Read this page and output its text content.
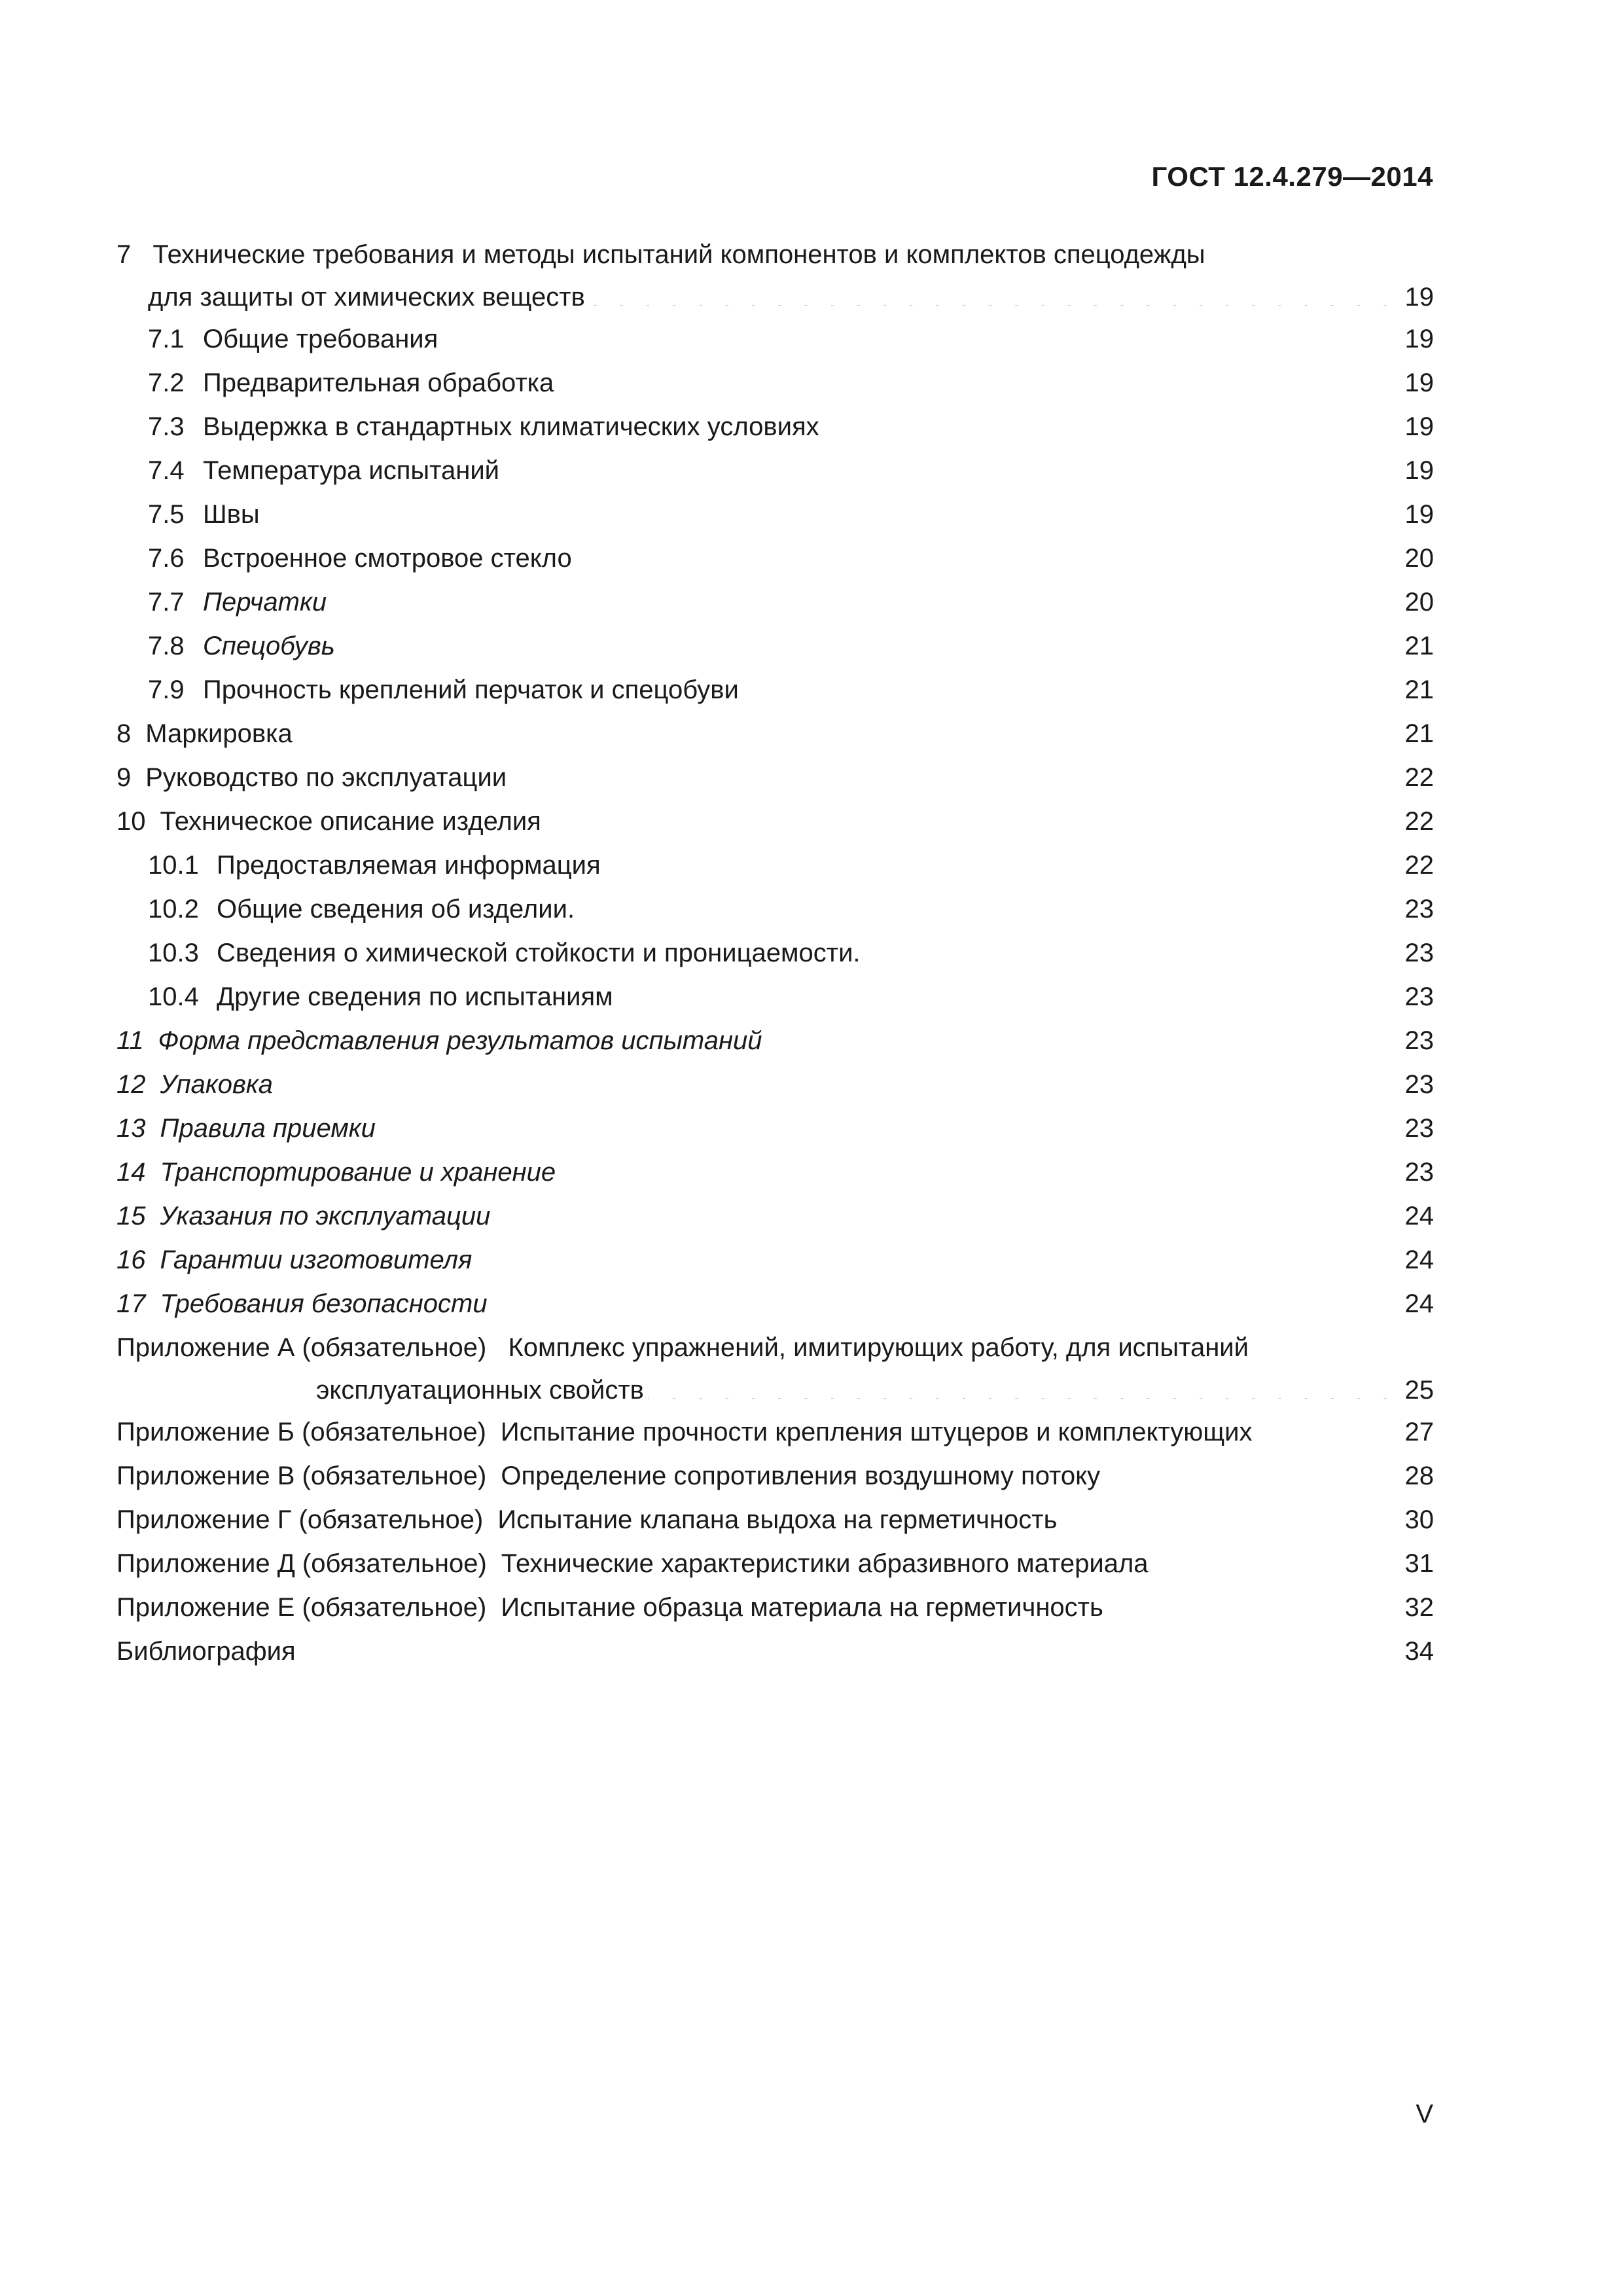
ГОСТ 12.4.279—2014
7 Технические требования и методы испытаний компонентов и комплектов спецодежды
для защиты от химических веществ . . .	19
7.1 Общие требования . . .	19
7.2 Предварительная обработка . . .	19
7.3 Выдержка в стандартных климатических условиях . . .	19
7.4 Температура испытаний . . .	19
7.5 Швы . . .	19
7.6 Встроенное смотровое стекло . . .	20
7.7 Перчатки . . .	20
7.8 Спецобувь . . .	21
7.9 Прочность креплений перчаток и спецобуви . . .	21
8 Маркировка . . .	21
9 Руководство по эксплуатации . . .	22
10 Техническое описание изделия . . .	22
10.1 Предоставляемая информация . . .	22
10.2 Общие сведения об изделии. . . .	23
10.3 Сведения о химической стойкости и проницаемости. . . .	23
10.4 Другие сведения по испытаниям . . .	23
11 Форма представления результатов испытаний . . .	23
12 Упаковка . . .	23
13 Правила приемки . . .	23
14 Транспортирование и хранение . . .	23
15 Указания по эксплуатации . . .	24
16 Гарантии изготовителя . . .	24
17 Требования безопасности . . .	24
Приложение А (обязательное) Комплекс упражнений, имитирующих работу, для испытаний
эксплуатационных свойств . . .	25
Приложение Б (обязательное) Испытание прочности крепления штуцеров и комплектующих . . .	27
Приложение В (обязательное) Определение сопротивления воздушному потоку . . .	28
Приложение Г (обязательное) Испытание клапана выдоха на герметичность . . .	30
Приложение Д (обязательное) Технические характеристики абразивного материала . . .	31
Приложение Е (обязательное) Испытание образца материала на герметичность . . .	32
Библиография . . .	34
V
